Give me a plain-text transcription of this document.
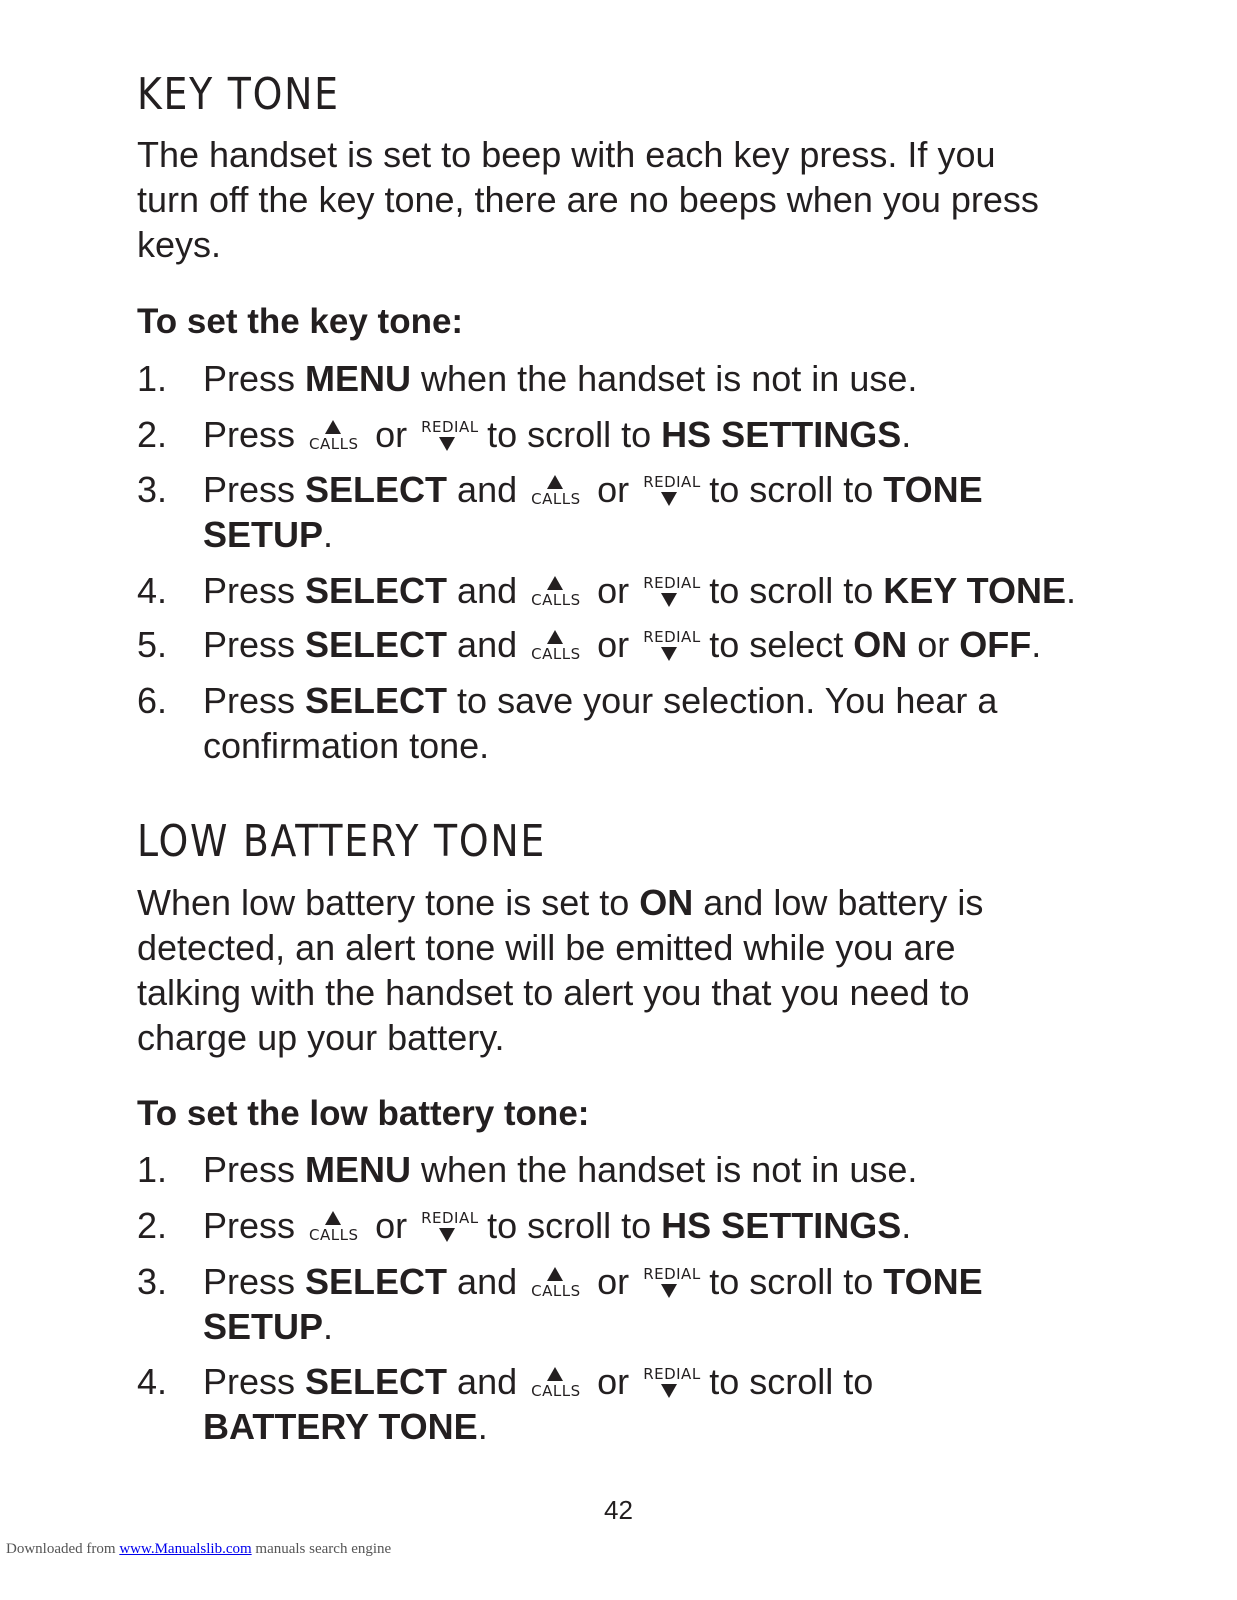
KEY TONE

The handset is set to beep with each key press. If you
turn off the key tone, there are no beeps when you press
keys.

To set the key tone:
1. Press MENU when the handset is not in use.
2. Press CALLS or REDIAL to scroll to HS SETTINGS.
3. Press SELECT and CALLS or REDIAL to scroll to TONE
SETUP.
4. Press SELECT and CALLS or REDIAL to scroll to KEY TONE.
5. Press SELECT and CALLS or REDIAL to select ON or OFF.
6. Press SELECT to save your selection. You hear a
confirmation tone.
LOW BATTERY TONE

When low battery tone is set to ON and low battery is
detected, an alert tone will be emitted while you are
talking with the handset to alert you that you need to
charge up your battery.

To set the low battery tone:
1. Press MENU when the handset is not in use.
2. Press CALLS or REDIAL to scroll to HS SETTINGS.
3. Press SELECT and CALLS or REDIAL to scroll to TONE
SETUP.
4. Press SELECT and CALLS or REDIAL to scroll to
BATTERY TONE.
42
Downloaded from www.Manualslib.com manuals search engine
